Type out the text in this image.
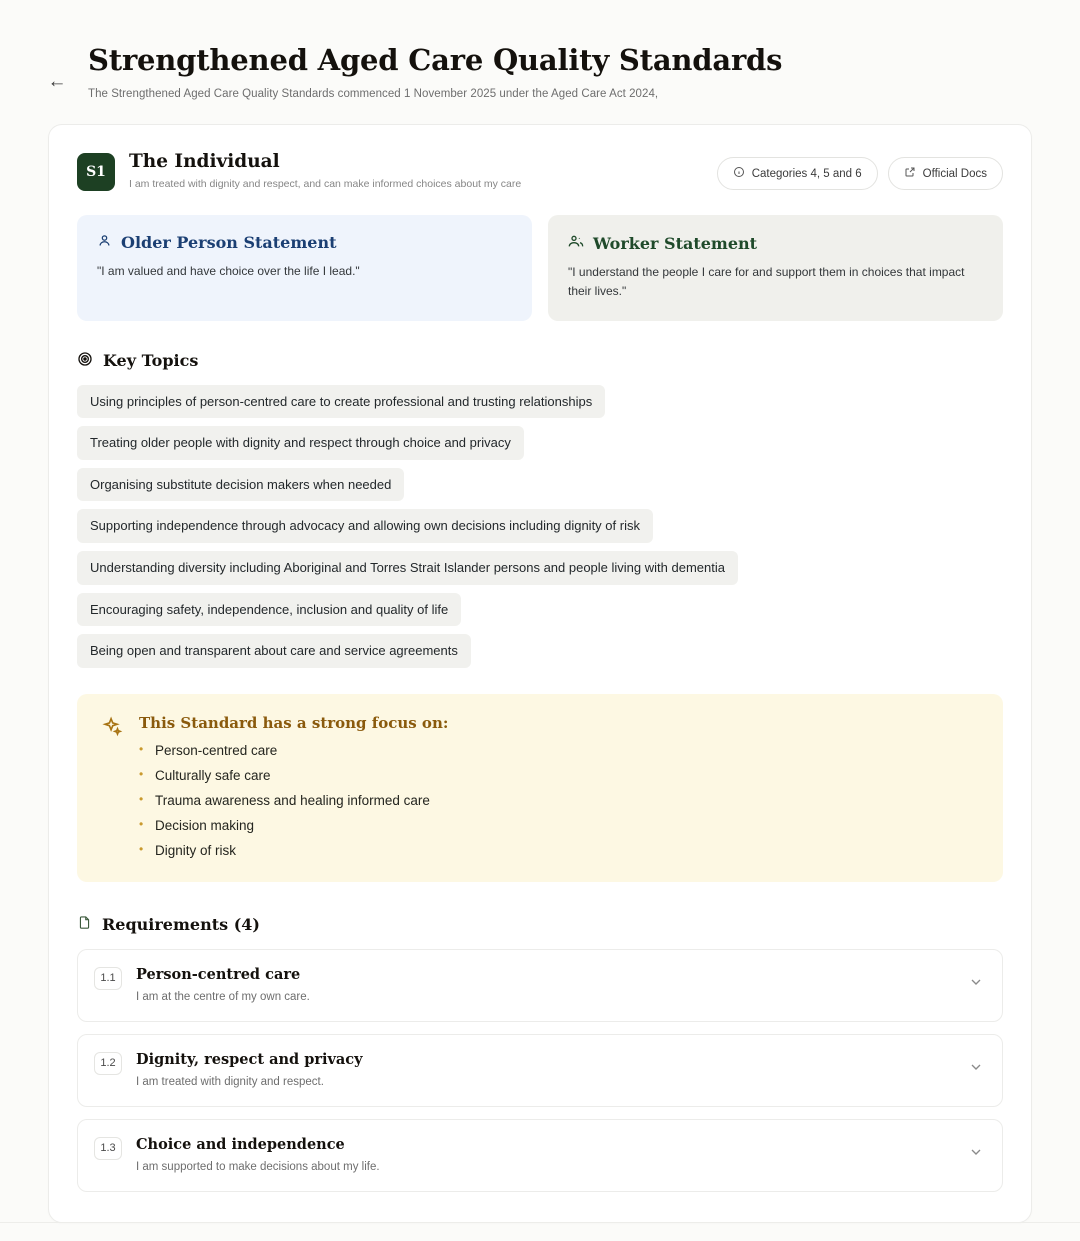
←
Strengthened Aged Care Quality Standards
The Strengthened Aged Care Quality Standards commenced 1 November 2025 under the Aged Care Act 2024,
S1	The Individual
I am treated with dignity and respect, and can make informed choices about my care
Categories 4, 5 and 6	Official Docs
Older Person Statement
"I am valued and have choice over the life I lead."
Worker Statement
"I understand the people I care for and support them in choices that impact their lives."
Key Topics
Using principles of person-centred care to create professional and trusting relationships
Treating older people with dignity and respect through choice and privacy
Organising substitute decision makers when needed
Supporting independence through advocacy and allowing own decisions including dignity of risk
Understanding diversity including Aboriginal and Torres Strait Islander persons and people living with dementia
Encouraging safety, independence, inclusion and quality of life
Being open and transparent about care and service agreements
This Standard has a strong focus on:
• Person-centred care
• Culturally safe care
• Trauma awareness and healing informed care
• Decision making
• Dignity of risk
Requirements (4)
1.1	Person-centred care
I am at the centre of my own care.
1.2	Dignity, respect and privacy
I am treated with dignity and respect.
1.3	Choice and independence
I am supported to make decisions about my life.
